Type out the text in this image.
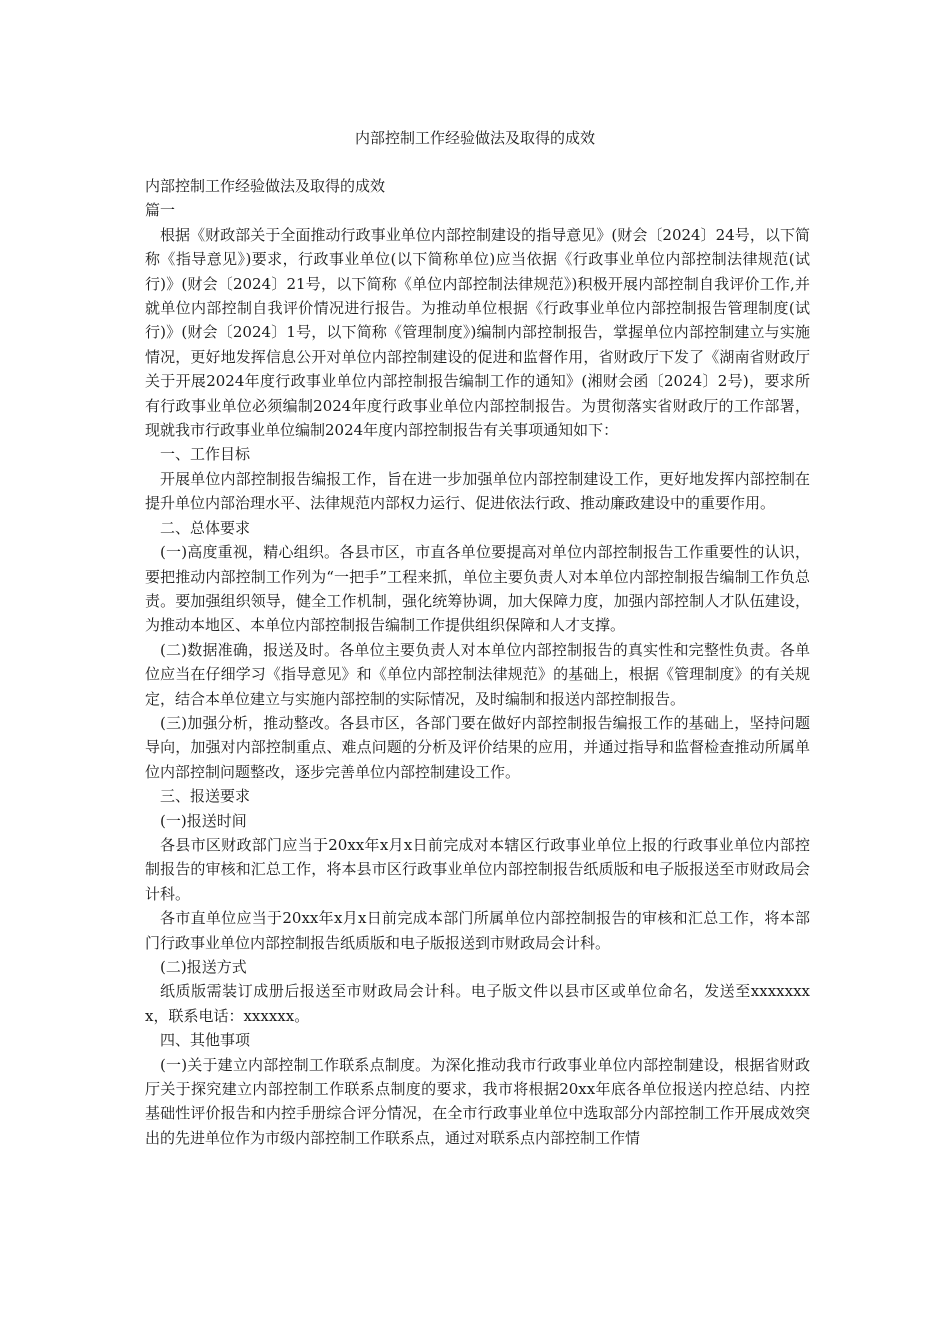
内部控制工作经验做法及取得的成效

内部控制工作经验做法及取得的成效

篇一

根据《财政部关于全面推动行政事业单位内部控制建设的指导意见》(财会〔2024〕24号，以下简称《指导意见》)要求，行政事业单位(以下简称单位)应当依据《行政事业单位内部控制法律规范(试行)》(财会〔2024〕21号，以下简称《单位内部控制法律规范》)积极开展内部控制自我评价工作,并就单位内部控制自我评价情况进行报告。为推动单位根据《行政事业单位内部控制报告管理制度(试行)》(财会〔2024〕1号，以下简称《管理制度》)编制内部控制报告，掌握单位内部控制建立与实施情况，更好地发挥信息公开对单位内部控制建设的促进和监督作用，省财政厅下发了《湖南省财政厅关于开展2024年度行政事业单位内部控制报告编制工作的通知》(湘财会函〔2024〕2号)，要求所有行政事业单位必须编制2024年度行政事业单位内部控制报告。为贯彻落实省财政厅的工作部署，现就我市行政事业单位编制2024年度内部控制报告有关事项通知如下：

一、工作目标

开展单位内部控制报告编报工作，旨在进一步加强单位内部控制建设工作，更好地发挥内部控制在提升单位内部治理水平、法律规范内部权力运行、促进依法行政、推动廉政建设中的重要作用。

二、总体要求

(一)高度重视，精心组织。各县市区，市直各单位要提高对单位内部控制报告工作重要性的认识，要把推动内部控制工作列为“一把手”工程来抓，单位主要负责人对本单位内部控制报告编制工作负总责。要加强组织领导，健全工作机制，强化统筹协调，加大保障力度，加强内部控制人才队伍建设，为推动本地区、本单位内部控制报告编制工作提供组织保障和人才支撑。

(二)数据准确，报送及时。各单位主要负责人对本单位内部控制报告的真实性和完整性负责。各单位应当在仔细学习《指导意见》和《单位内部控制法律规范》的基础上，根据《管理制度》的有关规定，结合本单位建立与实施内部控制的实际情况，及时编制和报送内部控制报告。

(三)加强分析，推动整改。各县市区，各部门要在做好内部控制报告编报工作的基础上，坚持问题导向，加强对内部控制重点、难点问题的分析及评价结果的应用，并通过指导和监督检查推动所属单位内部控制问题整改，逐步完善单位内部控制建设工作。

三、报送要求

(一)报送时间

各县市区财政部门应当于20xx年x月x日前完成对本辖区行政事业单位上报的行政事业单位内部控制报告的审核和汇总工作，将本县市区行政事业单位内部控制报告纸质版和电子版报送至市财政局会计科。

各市直单位应当于20xx年x月x日前完成本部门所属单位内部控制报告的审核和汇总工作，将本部门行政事业单位内部控制报告纸质版和电子版报送到市财政局会计科。

(二)报送方式

纸质版需装订成册后报送至市财政局会计科。电子版文件以县市区或单位命名，发送至xxxxxxxx，联系电话：xxxxxx。

四、其他事项

(一)关于建立内部控制工作联系点制度。为深化推动我市行政事业单位内部控制建设，根据省财政厅关于探究建立内部控制工作联系点制度的要求，我市将根据20xx年底各单位报送内控总结、内控基础性评价报告和内控手册综合评分情况，在全市行政事业单位中选取部分内部控制工作开展成效突出的先进单位作为市级内部控制工作联系点，通过对联系点内部控制工作情
